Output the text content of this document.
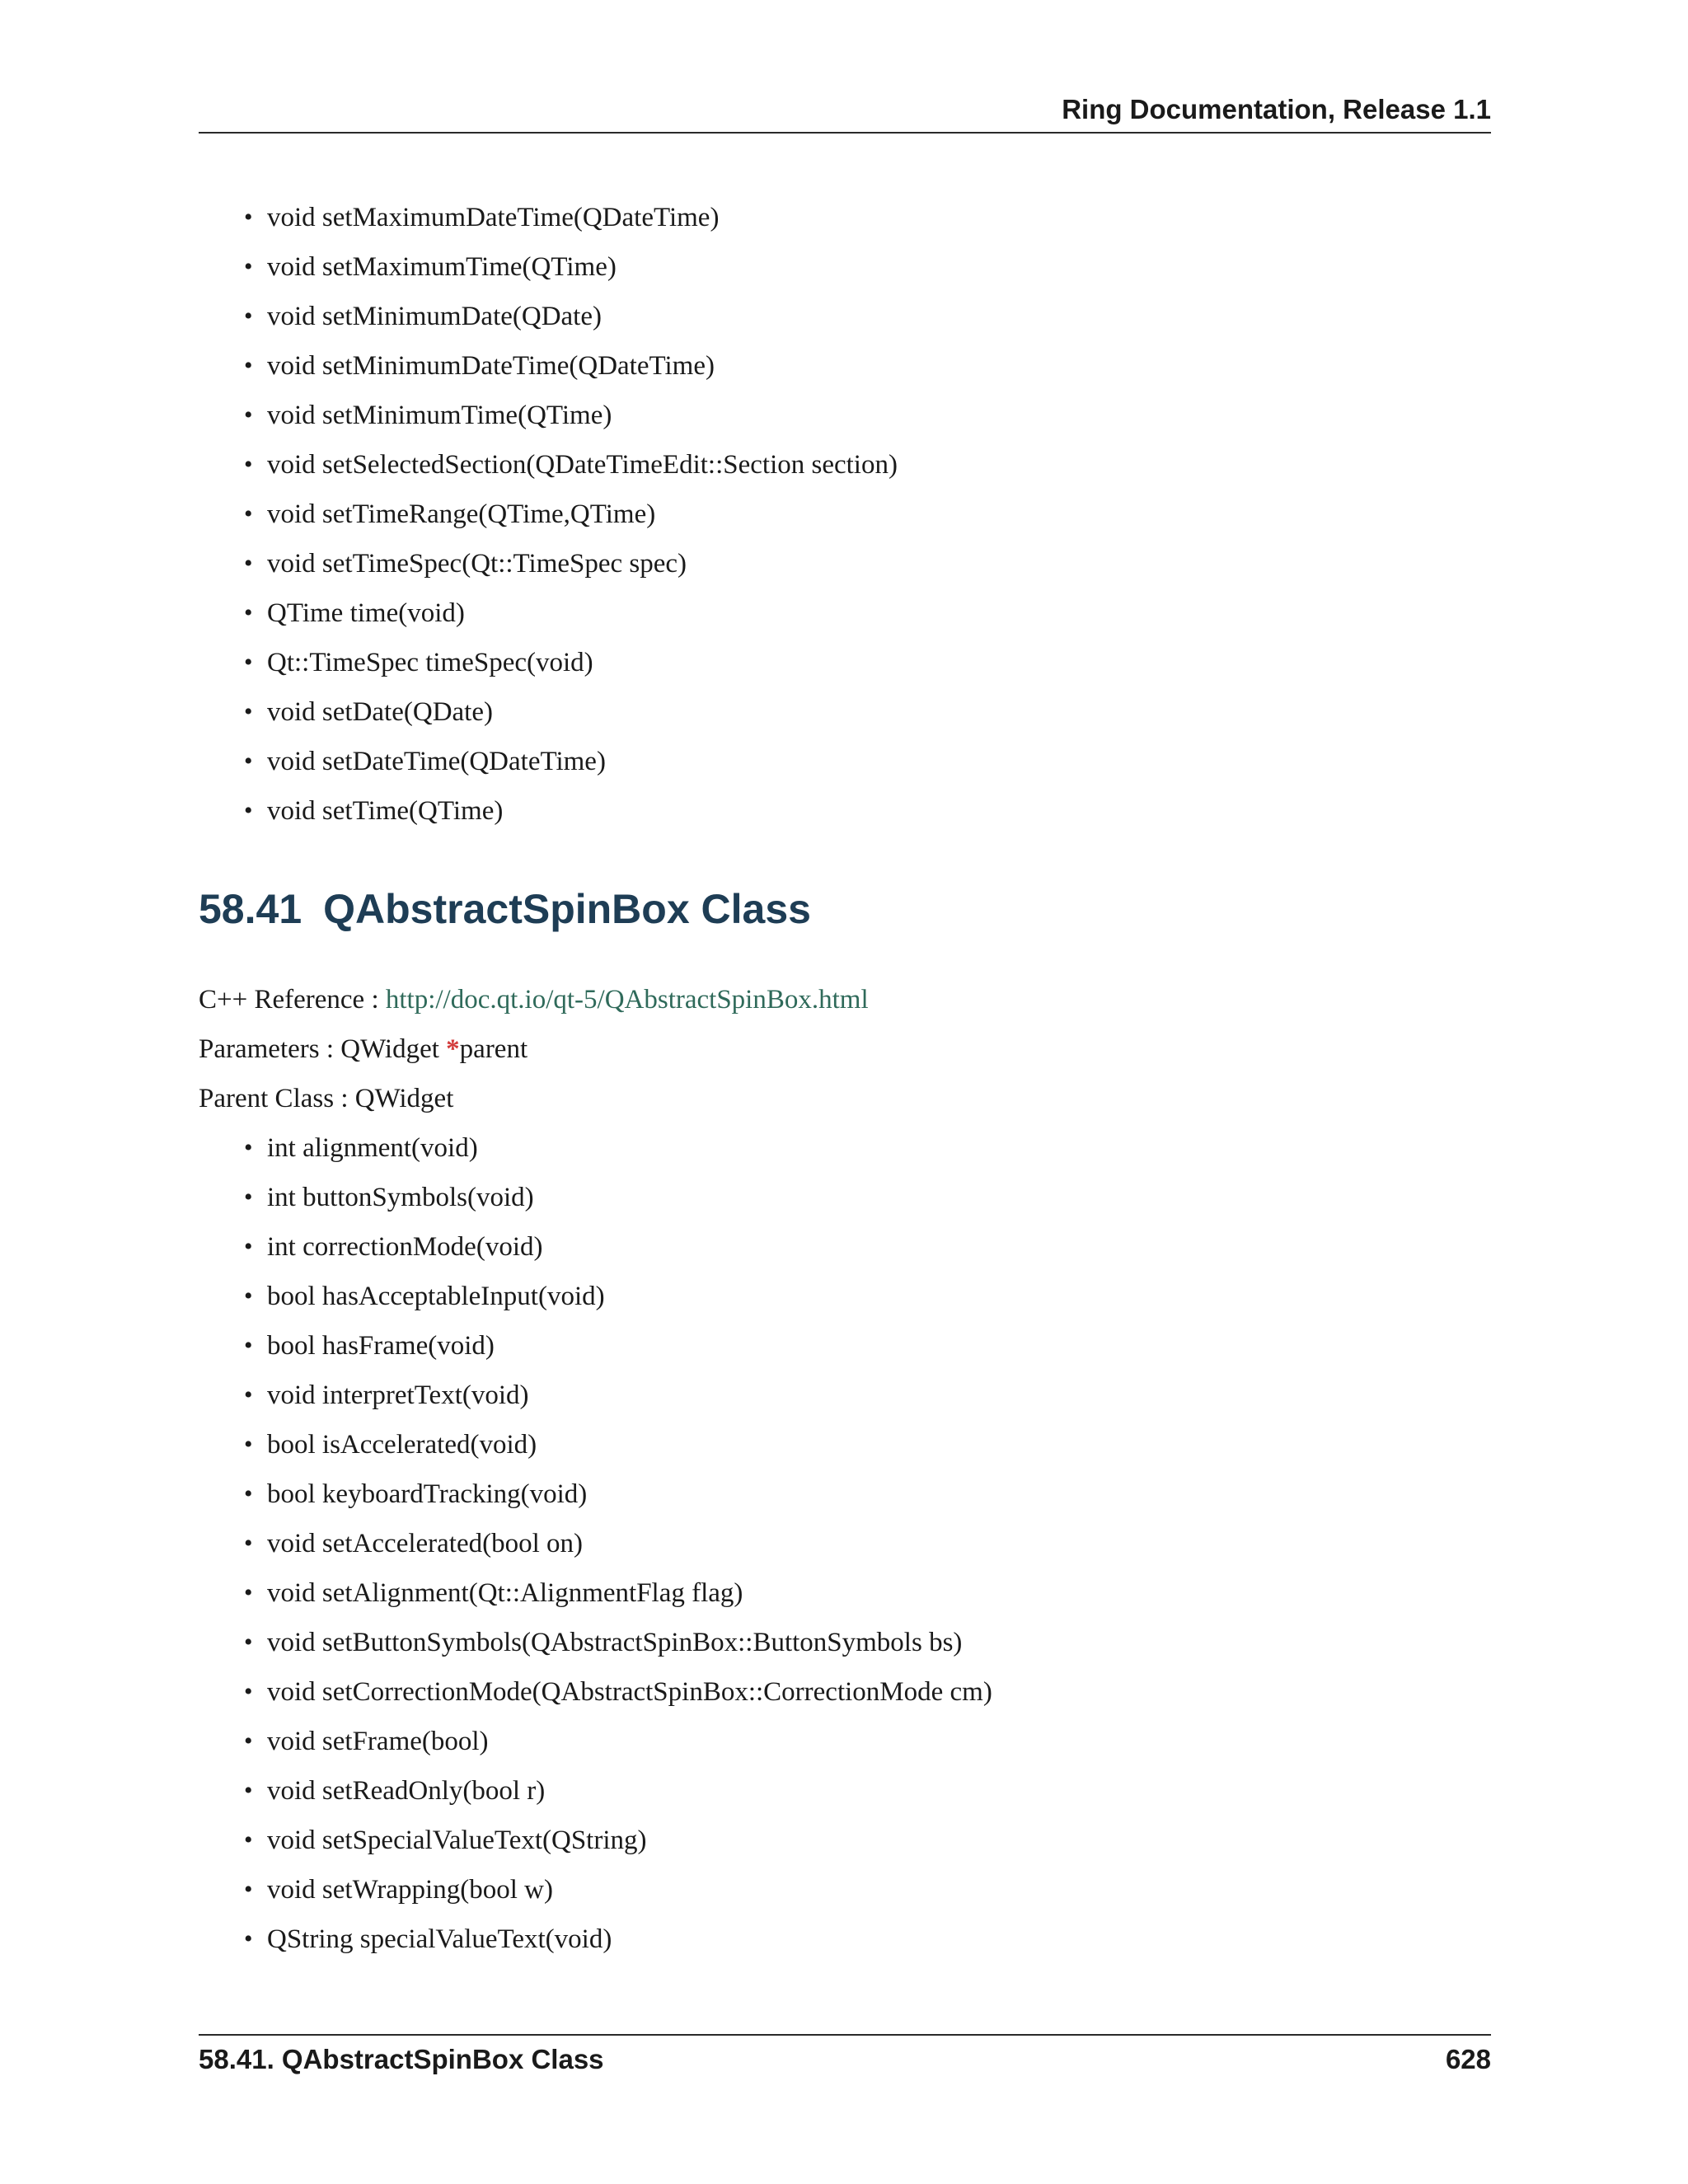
Ring Documentation, Release 1.1
• void setMaximumDateTime(QDateTime)
• void setMaximumTime(QTime)
• void setMinimumDate(QDate)
• void setMinimumDateTime(QDateTime)
• void setMinimumTime(QTime)
• void setSelectedSection(QDateTimeEdit::Section section)
• void setTimeRange(QTime,QTime)
• void setTimeSpec(Qt::TimeSpec spec)
• QTime time(void)
• Qt::TimeSpec timeSpec(void)
• void setDate(QDate)
• void setDateTime(QDateTime)
• void setTime(QTime)
58.41 QAbstractSpinBox Class
C++ Reference : http://doc.qt.io/qt-5/QAbstractSpinBox.html
Parameters : QWidget *parent
Parent Class : QWidget
• int alignment(void)
• int buttonSymbols(void)
• int correctionMode(void)
• bool hasAcceptableInput(void)
• bool hasFrame(void)
• void interpretText(void)
• bool isAccelerated(void)
• bool keyboardTracking(void)
• void setAccelerated(bool on)
• void setAlignment(Qt::AlignmentFlag flag)
• void setButtonSymbols(QAbstractSpinBox::ButtonSymbols bs)
• void setCorrectionMode(QAbstractSpinBox::CorrectionMode cm)
• void setFrame(bool)
• void setReadOnly(bool r)
• void setSpecialValueText(QString)
• void setWrapping(bool w)
• QString specialValueText(void)
58.41. QAbstractSpinBox Class	628
